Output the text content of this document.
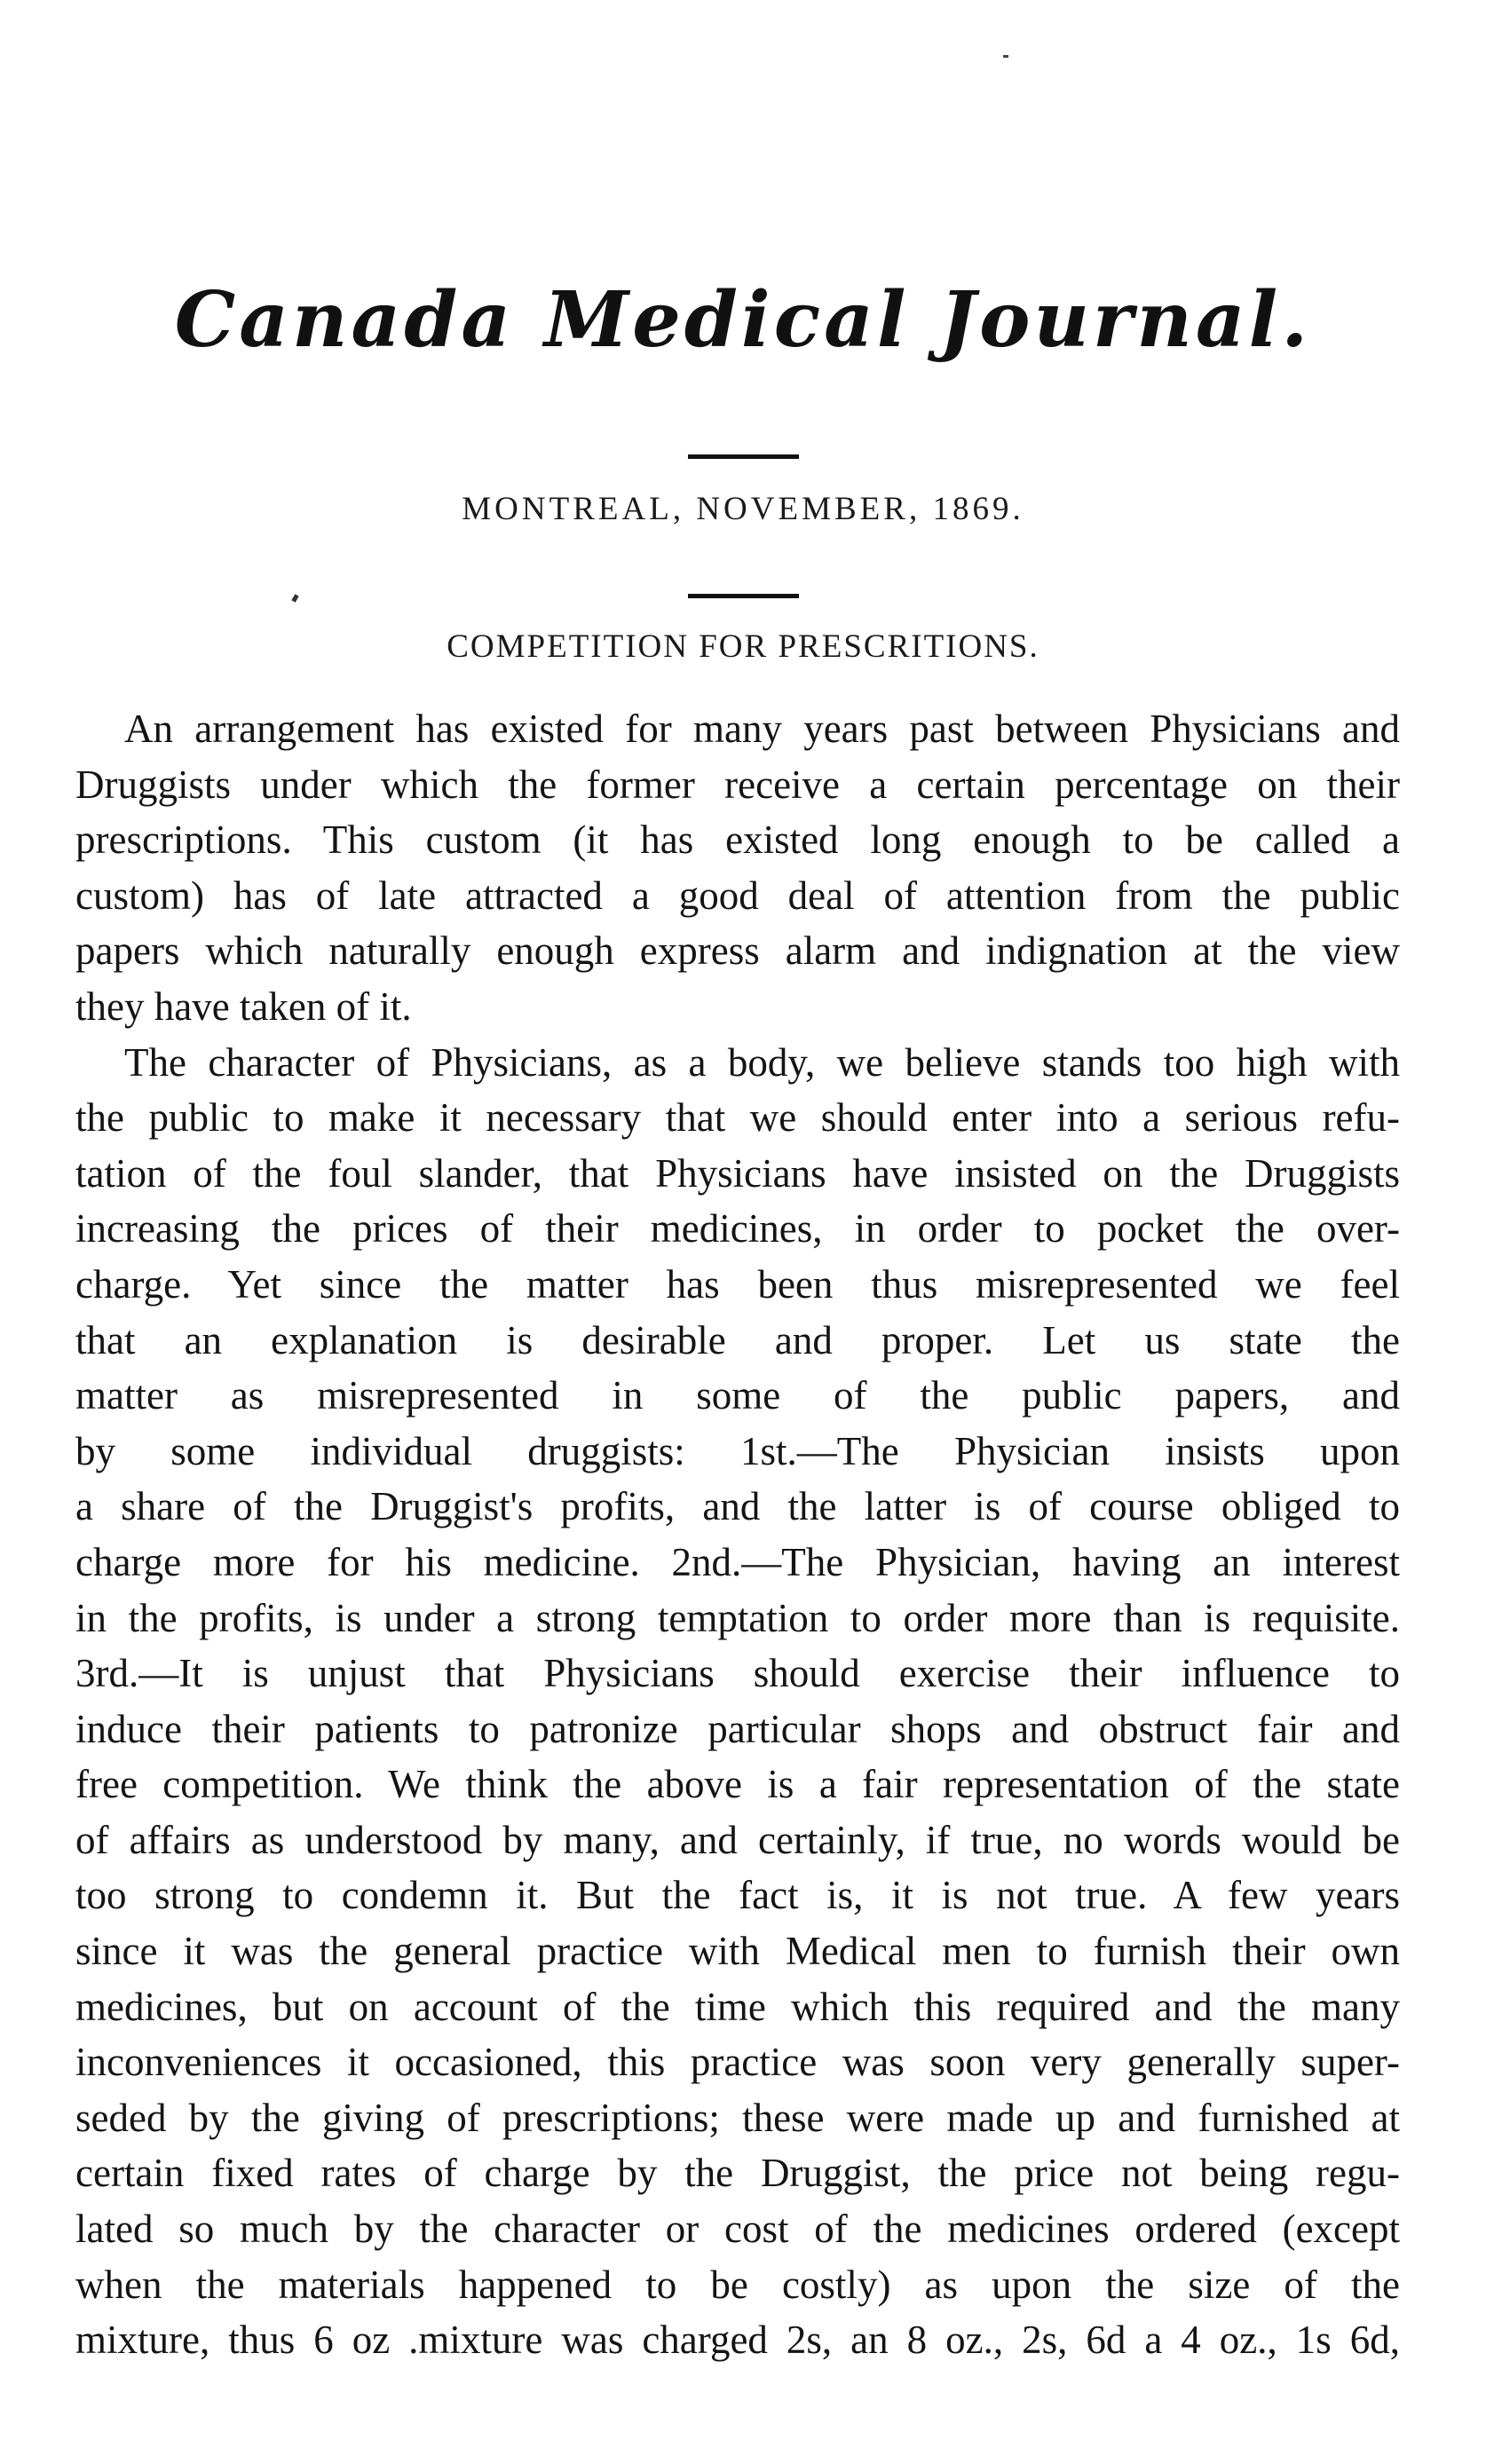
Canada Medical Journal.
MONTREAL, NOVEMBER, 1869.
COMPETITION FOR PRESCRITIONS.
An arrangement has existed for many years past between Physicians and
Druggists under which the former receive a certain percentage on their
prescriptions. This custom (it has existed long enough to be called a
custom) has of late attracted a good deal of attention from the public
papers which naturally enough express alarm and indignation at the view
they have taken of it.
The character of Physicians, as a body, we believe stands too high with
the public to make it necessary that we should enter into a serious refu-
tation of the foul slander, that Physicians have insisted on the Druggists
increasing the prices of their medicines, in order to pocket the over-
charge. Yet since the matter has been thus misrepresented we feel
that an explanation is desirable and proper. Let us state the
matter as misrepresented in some of the public papers, and
by some individual druggists: 1st.—The Physician insists upon
a share of the Druggist's profits, and the latter is of course obliged to
charge more for his medicine. 2nd.—The Physician, having an interest
in the profits, is under a strong temptation to order more than is requisite.
3rd.—It is unjust that Physicians should exercise their influence to
induce their patients to patronize particular shops and obstruct fair and
free competition. We think the above is a fair representation of the state
of affairs as understood by many, and certainly, if true, no words would be
too strong to condemn it. But the fact is, it is not true. A few years
since it was the general practice with Medical men to furnish their own
medicines, but on account of the time which this required and the many
inconveniences it occasioned, this practice was soon very generally super-
seded by the giving of prescriptions; these were made up and furnished at
certain fixed rates of charge by the Druggist, the price not being regu-
lated so much by the character or cost of the medicines ordered (except
when the materials happened to be costly) as upon the size of the
mixture, thus 6 oz .mixture was charged 2s, an 8 oz., 2s, 6d a 4 oz., 1s 6d,
